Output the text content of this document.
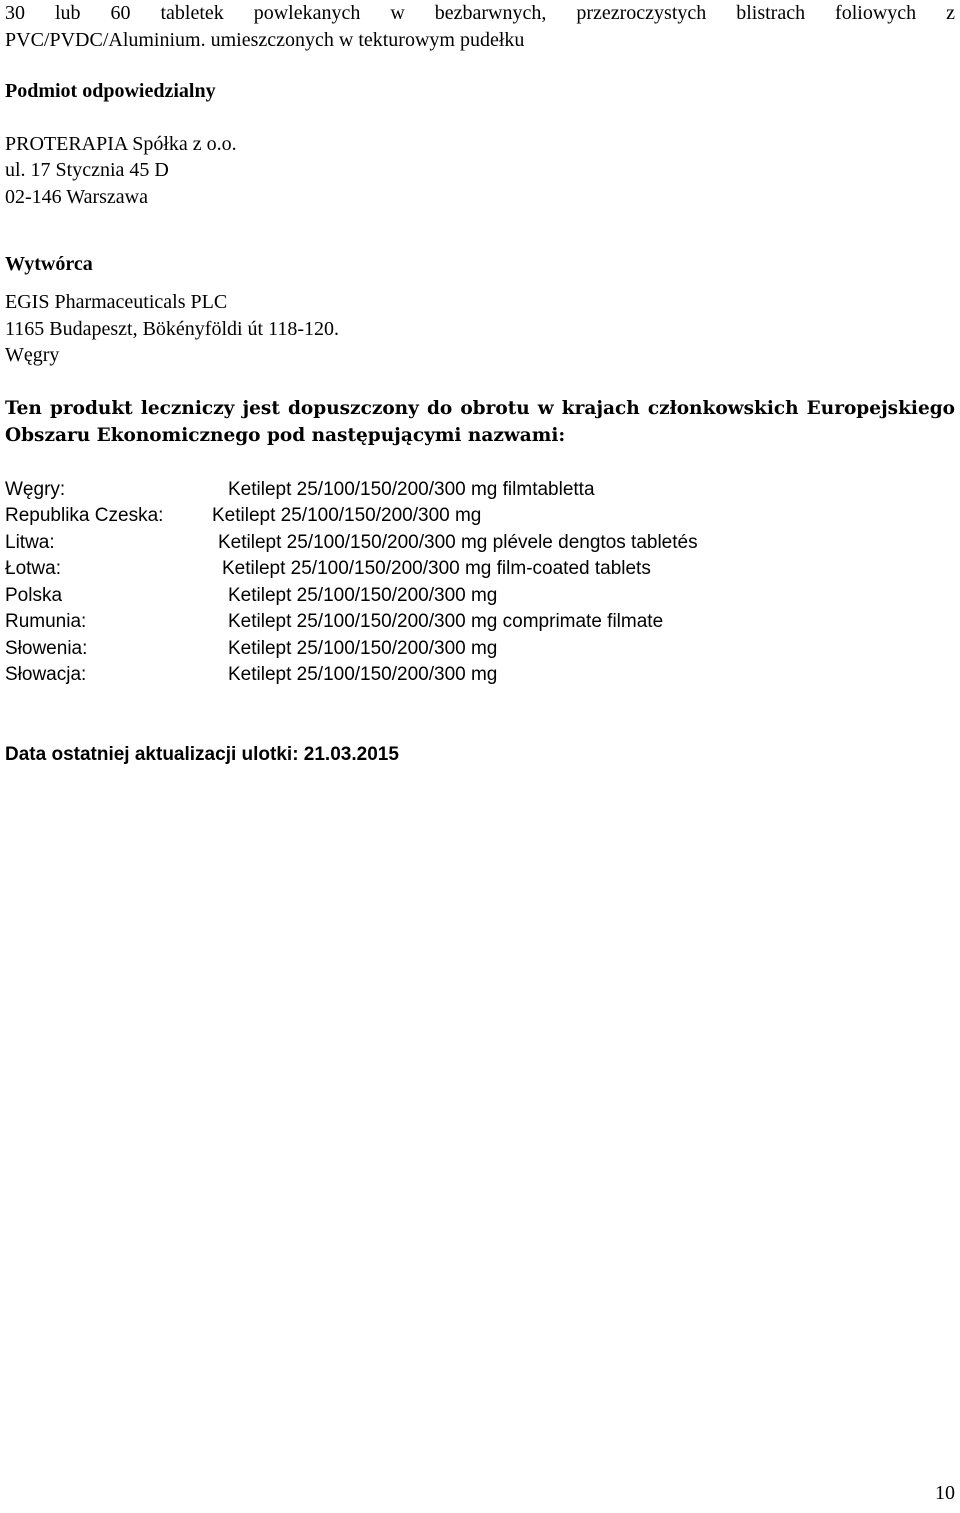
30 lub 60 tabletek powlekanych w bezbarwnych, przezroczystych blistrach foliowych z
PVC/PVDC/Aluminium. umieszczonych w tekturowym pudełku
Podmiot odpowiedzialny
PROTERAPIA Spółka z o.o.
ul. 17 Stycznia 45 D
02-146 Warszawa
Wytwórca
EGIS Pharmaceuticals PLC
1165 Budapeszt, Bökényföldi út 118-120.
Węgry
Ten produkt leczniczy jest dopuszczony do obrotu w krajach członkowskich Europejskiego
Obszaru Ekonomicznego pod następującymi nazwami:
Węgry:	Ketilept 25/100/150/200/300 mg filmtabletta
Republika Czeska:	Ketilept 25/100/150/200/300 mg
Litwa:	Ketilept 25/100/150/200/300 mg plévele dengtos tabletés
Łotwa:	Ketilept 25/100/150/200/300 mg film-coated tablets
Polska	Ketilept 25/100/150/200/300 mg
Rumunia:	Ketilept 25/100/150/200/300 mg comprimate filmate
Słowenia:	Ketilept 25/100/150/200/300 mg
Słowacja:	Ketilept 25/100/150/200/300 mg
Data ostatniej aktualizacji ulotki: 21.03.2015
10
